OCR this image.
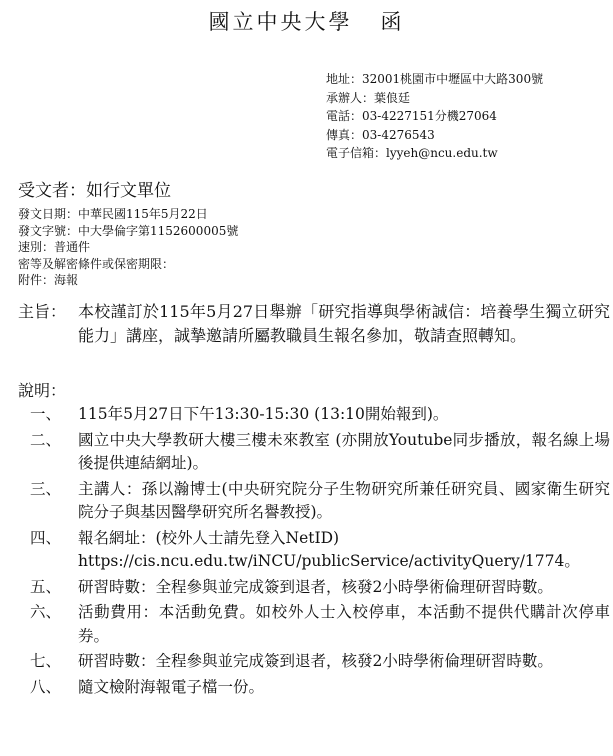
國立中央大學 函
地址：32001桃園市中壢區中大路300號
承辦人：葉俍廷
電話：03-4227151分機27064
傳真：03-4276543
電子信箱：lyyeh@ncu.edu.tw
受文者：如行文單位
發文日期：中華民國115年5月22日
發文字號：中大學倫字第1152600005號
速別：普通件
密等及解密條件或保密期限：
附件：海報
主旨： 本校謹訂於115年5月27日舉辦「研究指導與學術誠信：培養學生獨立研究能力」講座，誠摯邀請所屬教職員生報名參加，敬請查照轉知。
說明：
一、 115年5月27日下午13:30-15:30 (13:10開始報到)。
二、 國立中央大學教研大樓三樓未來教室 (亦開放Youtube同步播放，報名線上場後提供連結網址)。
三、 主講人：孫以瀚博士(中央研究院分子生物研究所兼任研究員、國家衛生研究院分子與基因醫學研究所名譽教授)。
四、 報名網址：(校外人士請先登入NetID)
https://cis.ncu.edu.tw/iNCU/publicService/activityQuery/1774。
五、 研習時數：全程參與並完成簽到退者，核發2小時學術倫理研習時數。
六、 活動費用：本活動免費。如校外人士入校停車，本活動不提供代購計次停車券。
七、 研習時數：全程參與並完成簽到退者，核發2小時學術倫理研習時數。
八、 隨文檢附海報電子檔一份。
